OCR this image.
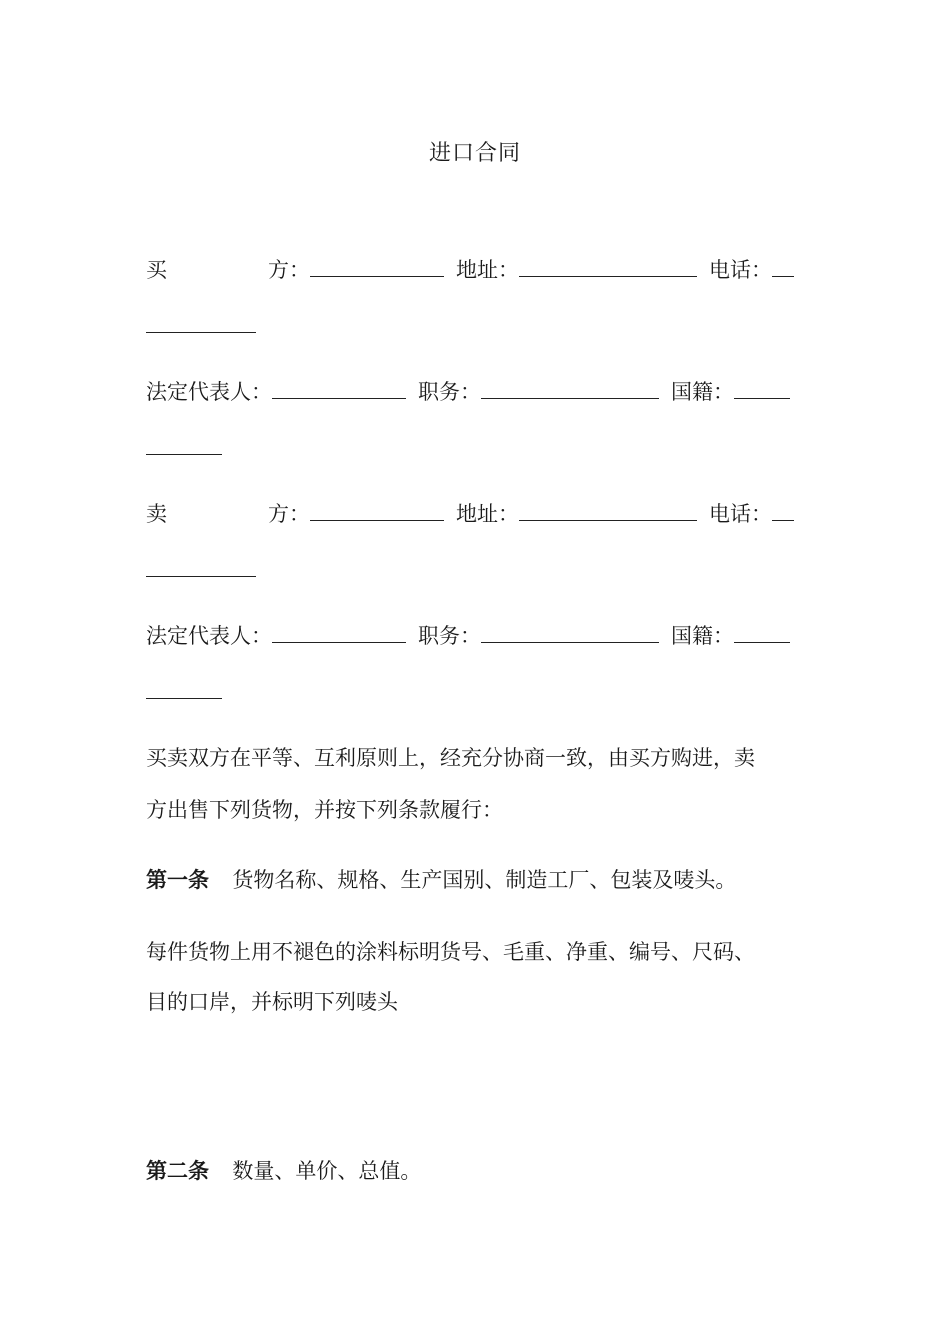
进口合同
买	方：	地址：	电话：
法定代表人：	职务：	国籍：
卖	方：	地址：	电话：
法定代表人：	职务：	国籍：
买卖双方在平等、互利原则上，经充分协商一致，由买方购进，卖
方出售下列货物，并按下列条款履行：
第一条 货物名称、规格、生产国别、制造工厂、包装及唛头。
每件货物上用不褪色的涂料标明货号、毛重、净重、编号、尺码、
目的口岸，并标明下列唛头
第二条 数量、单价、总值。
